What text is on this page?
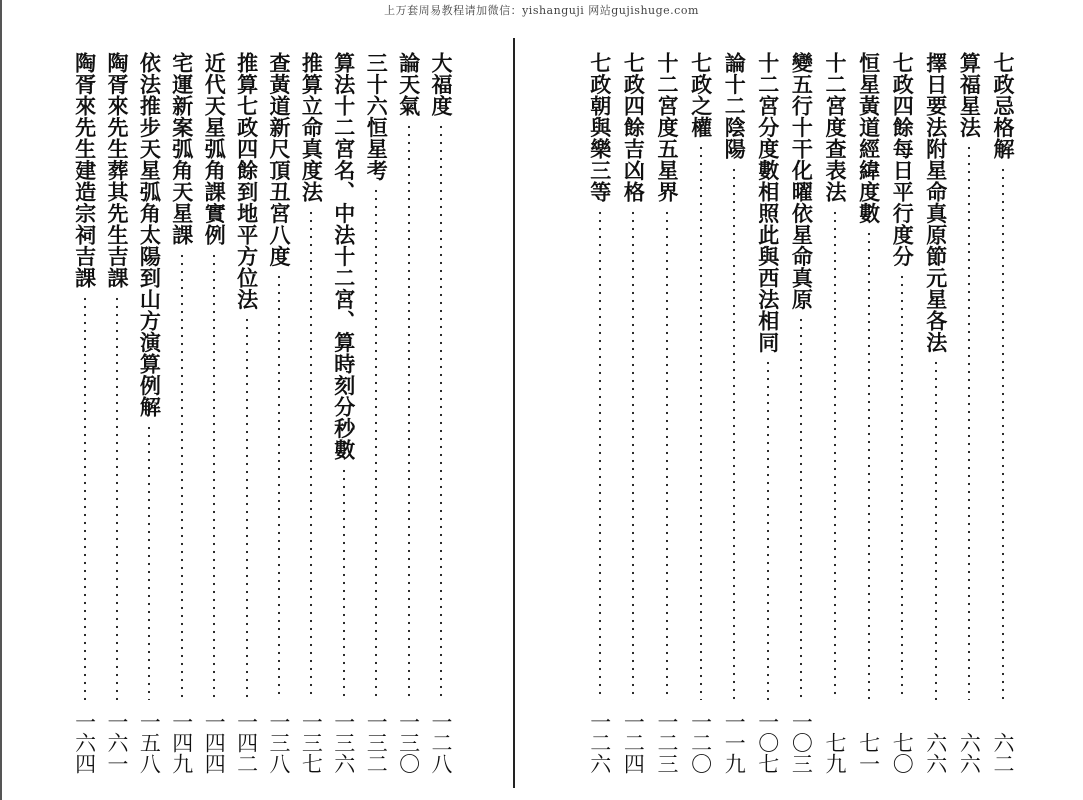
上万套周易教程请加微信：yishanguji 网站gujishuge.com
七政忌格解
六二
算福星法
六六
擇日要法附星命真原節元星各法
六六
七政四餘每日平行度分
七〇
恒星黃道經緯度數
七一
十二宮度查表法
七九
變五行十干化曜依星命真原
一〇三
十二宮分度數相照此與西法相同
一〇七
論十二陰陽
一一九
七政之權
一二〇
十二宮度五星界
一二三
七政四餘吉凶格
一二四
七政朝與樂三等
一二六
大福度
一二八
論天氣
一三〇
三十六恒星考
一三二
算法十二宮名、中法十二宮、算時刻分秒數
一三六
推算立命真度法
一三七
查黃道新尺頂丑宮八度
一三八
推算七政四餘到地平方位法
一四二
近代天星弧角課實例
一四四
宅運新案弧角天星課
一四九
依法推步天星弧角太陽到山方演算例解
一五八
陶胥來先生葬其先生吉課
一六一
陶胥來先生建造宗祠吉課
一六四
